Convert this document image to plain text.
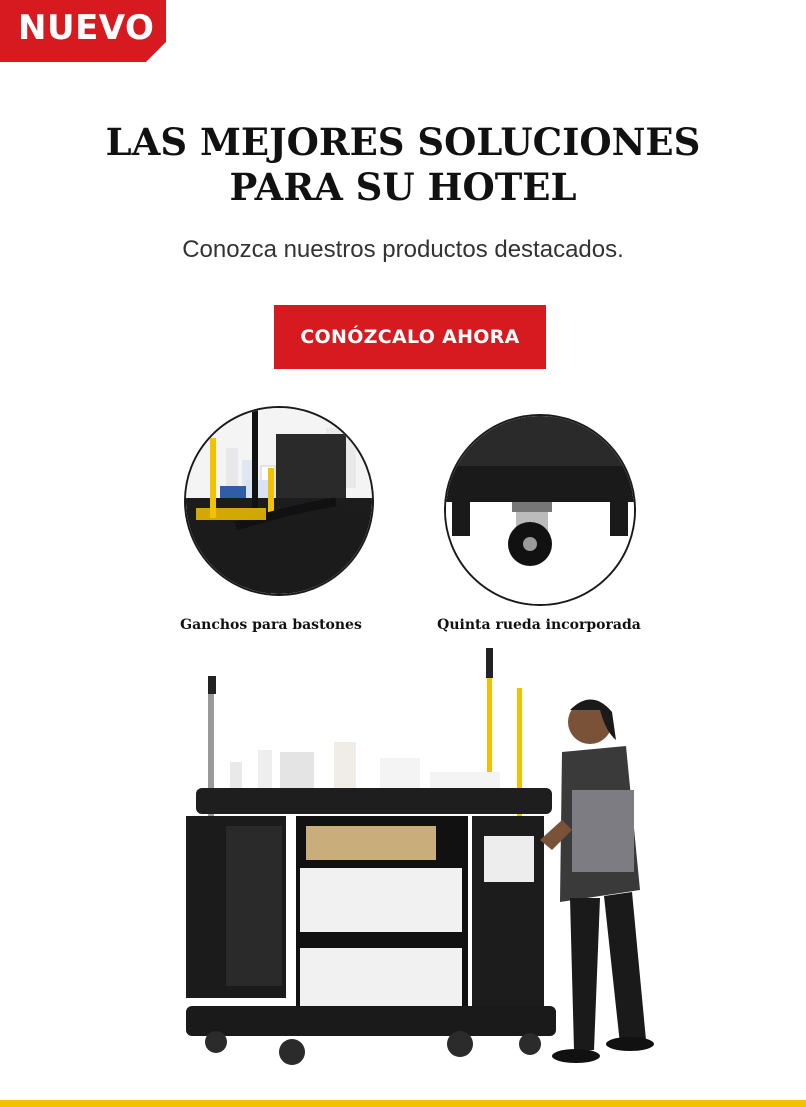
NUEVO
LAS MEJORES SOLUCIONES
PARA SU HOTEL
Conozca nuestros productos destacados.
CONÓZCALO AHORA
Ganchos para bastones	Quinta rueda incorporada
